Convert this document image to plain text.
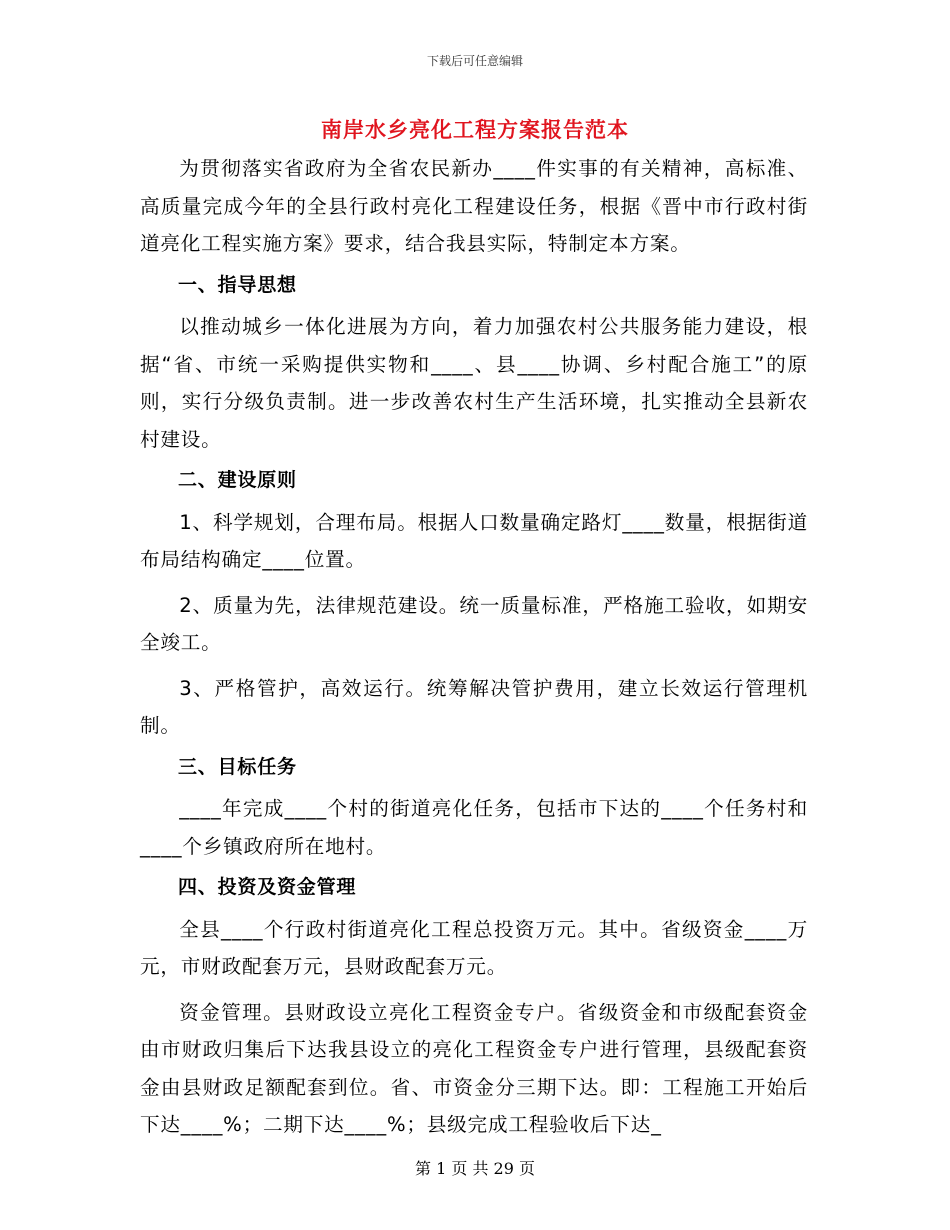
下载后可任意编辑
南岸水乡亮化工程方案报告范本

为贯彻落实省政府为全省农民新办____件实事的有关精神，高标准、高质量完成今年的全县行政村亮化工程建设任务，根据《晋中市行政村街道亮化工程实施方案》要求，结合我县实际，特制定本方案。

一、指导思想

以推动城乡一体化进展为方向，着力加强农村公共服务能力建设，根据“省、市统一采购提供实物和____、县____协调、乡村配合施工”的原则，实行分级负责制。进一步改善农村生产生活环境，扎实推动全县新农村建设。

二、建设原则

1、科学规划，合理布局。根据人口数量确定路灯____数量，根据街道布局结构确定____位置。

2、质量为先，法律规范建设。统一质量标准，严格施工验收，如期安全竣工。

3、严格管护，高效运行。统筹解决管护费用，建立长效运行管理机制。

三、目标任务

____年完成____个村的街道亮化任务，包括市下达的____个任务村和____个乡镇政府所在地村。

四、投资及资金管理

全县____个行政村街道亮化工程总投资万元。其中。省级资金____万元，市财政配套万元，县财政配套万元。

资金管理。县财政设立亮化工程资金专户。省级资金和市级配套资金由市财政归集后下达我县设立的亮化工程资金专户进行管理，县级配套资金由县财政足额配套到位。省、市资金分三期下达。即：工程施工开始后下达____%；二期下达____%；县级完成工程验收后下达_

第 1 页 共 29 页
